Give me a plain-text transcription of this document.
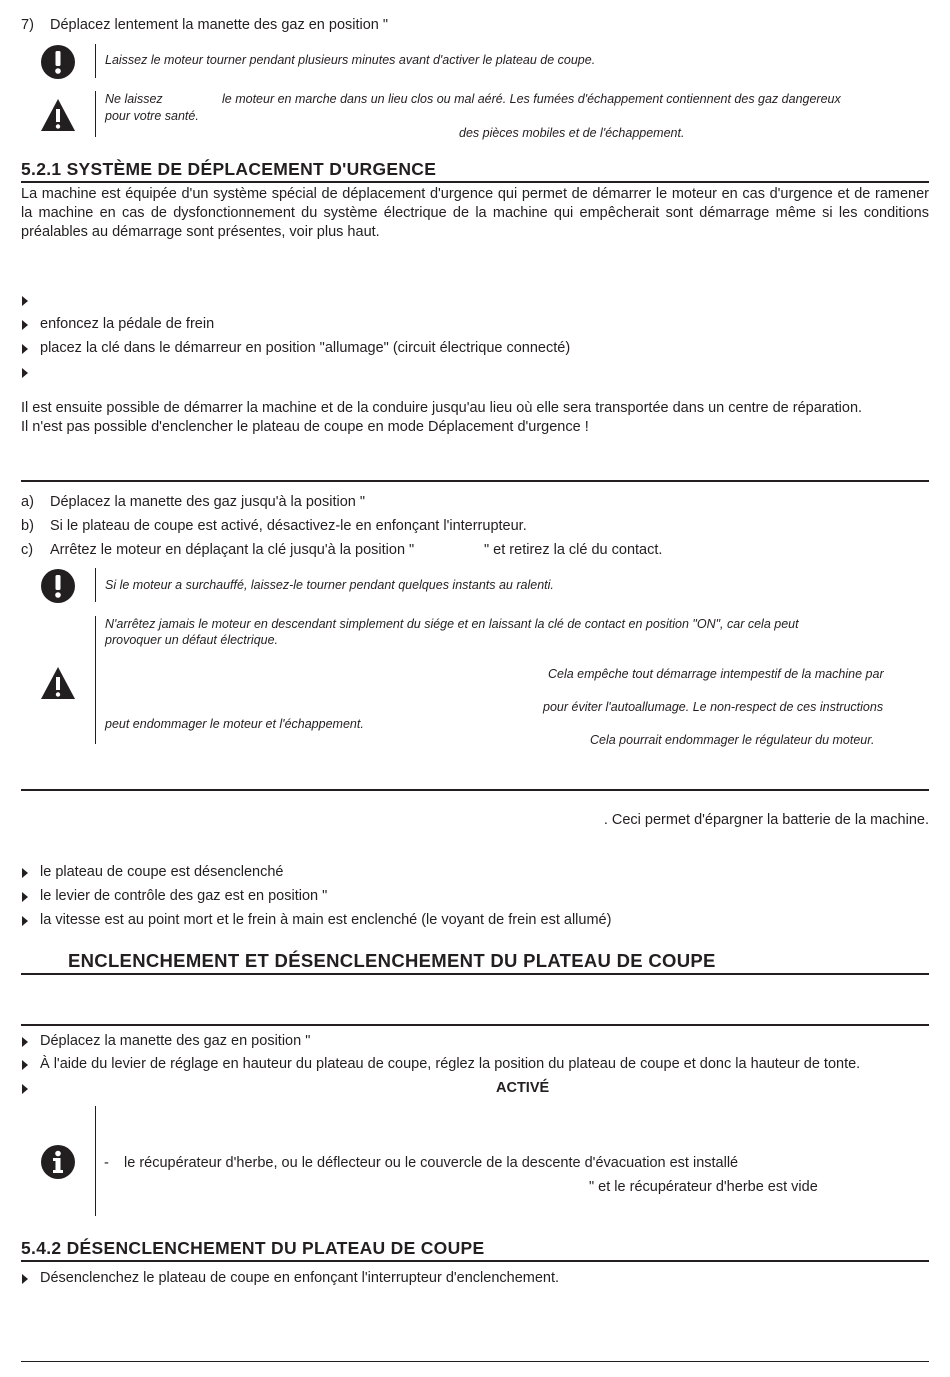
7) Déplacez lentement la manette des gaz en position "
Laissez le moteur tourner pendant plusieurs minutes avant d'activer le plateau de coupe.
Ne laissez	le moteur en marche dans un lieu clos ou mal aéré. Les fumées d'échappement contiennent des gaz dangereux
pour votre santé.
des pièces mobiles et de l'échappement.
5.2.1 SYSTÈME DE DÉPLACEMENT D'URGENCE
La machine est équipée d'un système spécial de déplacement d'urgence qui permet de démarrer le moteur en cas d'urgence et de ramener la machine en cas de dysfonctionnement du système électrique de la machine qui empêcherait sont démarrage même si les conditions préalables au démarrage sont présentes, voir plus haut.
enfoncez la pédale de frein
placez la clé dans le démarreur en position "allumage" (circuit électrique connecté)
Il est ensuite possible de démarrer la machine et de la conduire jusqu'au lieu où elle sera transportée dans un centre de réparation.
Il n'est pas possible d'enclencher le plateau de coupe en mode Déplacement d'urgence !
a) Déplacez la manette des gaz jusqu'à la position "
b) Si le plateau de coupe est activé, désactivez-le en enfonçant l'interrupteur.
c) Arrêtez le moteur en déplaçant la clé jusqu'à la position "	" et retirez la clé du contact.
Si le moteur a surchauffé, laissez-le tourner pendant quelques instants au ralenti.
N'arrêtez jamais le moteur en descendant simplement du siége et en laissant la clé de contact en position "ON", car cela peut
provoquer un défaut électrique.
Cela empêche tout démarrage intempestif de la machine par
pour éviter l'autoallumage. Le non-respect de ces instructions
peut endommager le moteur et l'échappement.
Cela pourrait endommager le régulateur du moteur.
. Ceci permet d'épargner la batterie de la machine.
le plateau de coupe est désenclenché
le levier de contrôle des gaz est en position "
la vitesse est au point mort et le frein à main est enclenché (le voyant de frein est allumé)
ENCLENCHEMENT ET DÉSENCLENCHEMENT DU PLATEAU DE COUPE
Déplacez la manette des gaz en position "
À l'aide du levier de réglage en hauteur du plateau de coupe, réglez la position du plateau de coupe et donc la hauteur de tonte.
ACTIVÉ
- le récupérateur d'herbe, ou le déflecteur ou le couvercle de la descente d'évacuation est installé
" et le récupérateur d'herbe est vide
5.4.2 DÉSENCLENCHEMENT DU PLATEAU DE COUPE
Désenclenchez le plateau de coupe en enfonçant l'interrupteur d'enclenchement.
